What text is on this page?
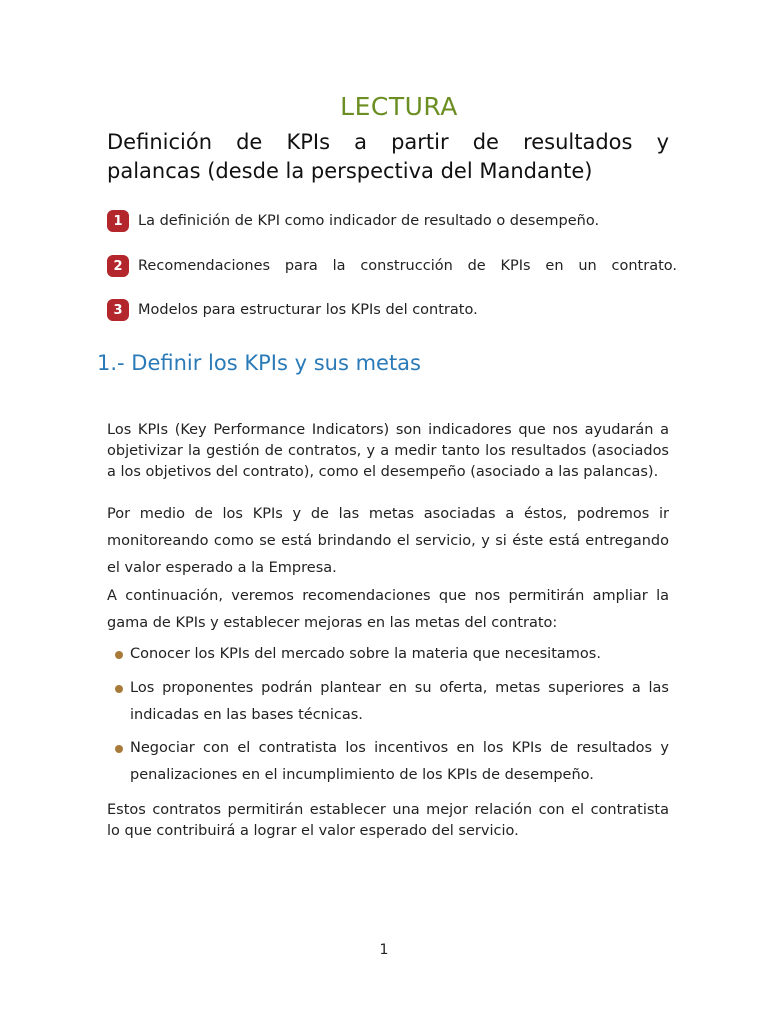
LECTURA
Definición de KPIs a partir de resultados y
palancas (desde la perspectiva del Mandante)
1	La definición de KPI como indicador de resultado o desempeño.
2	Recomendaciones para la construcción de KPIs en un contrato.
3	Modelos para estructurar los KPIs del contrato.
1.- Definir los KPIs y sus metas
Los KPIs (Key Performance Indicators) son indicadores que nos ayudarán a objetivizar la gestión de contratos, y a medir tanto los resultados (asociados a los objetivos del contrato), como el desempeño (asociado a las palancas).
Por medio de los KPIs y de las metas asociadas a éstos, podremos ir monitoreando como se está brindando el servicio, y si éste está entregando el valor esperado a la Empresa.
A continuación, veremos recomendaciones que nos permitirán ampliar la gama de KPIs y establecer mejoras en las metas del contrato:
Conocer los KPIs del mercado sobre la materia que necesitamos.
Los proponentes podrán plantear en su oferta, metas superiores a las indicadas en las bases técnicas.
Negociar con el contratista los incentivos en los KPIs de resultados y penalizaciones en el incumplimiento de los KPIs de desempeño.
Estos contratos permitirán establecer una mejor relación con el contratista lo que contribuirá a lograr el valor esperado del servicio.
1
